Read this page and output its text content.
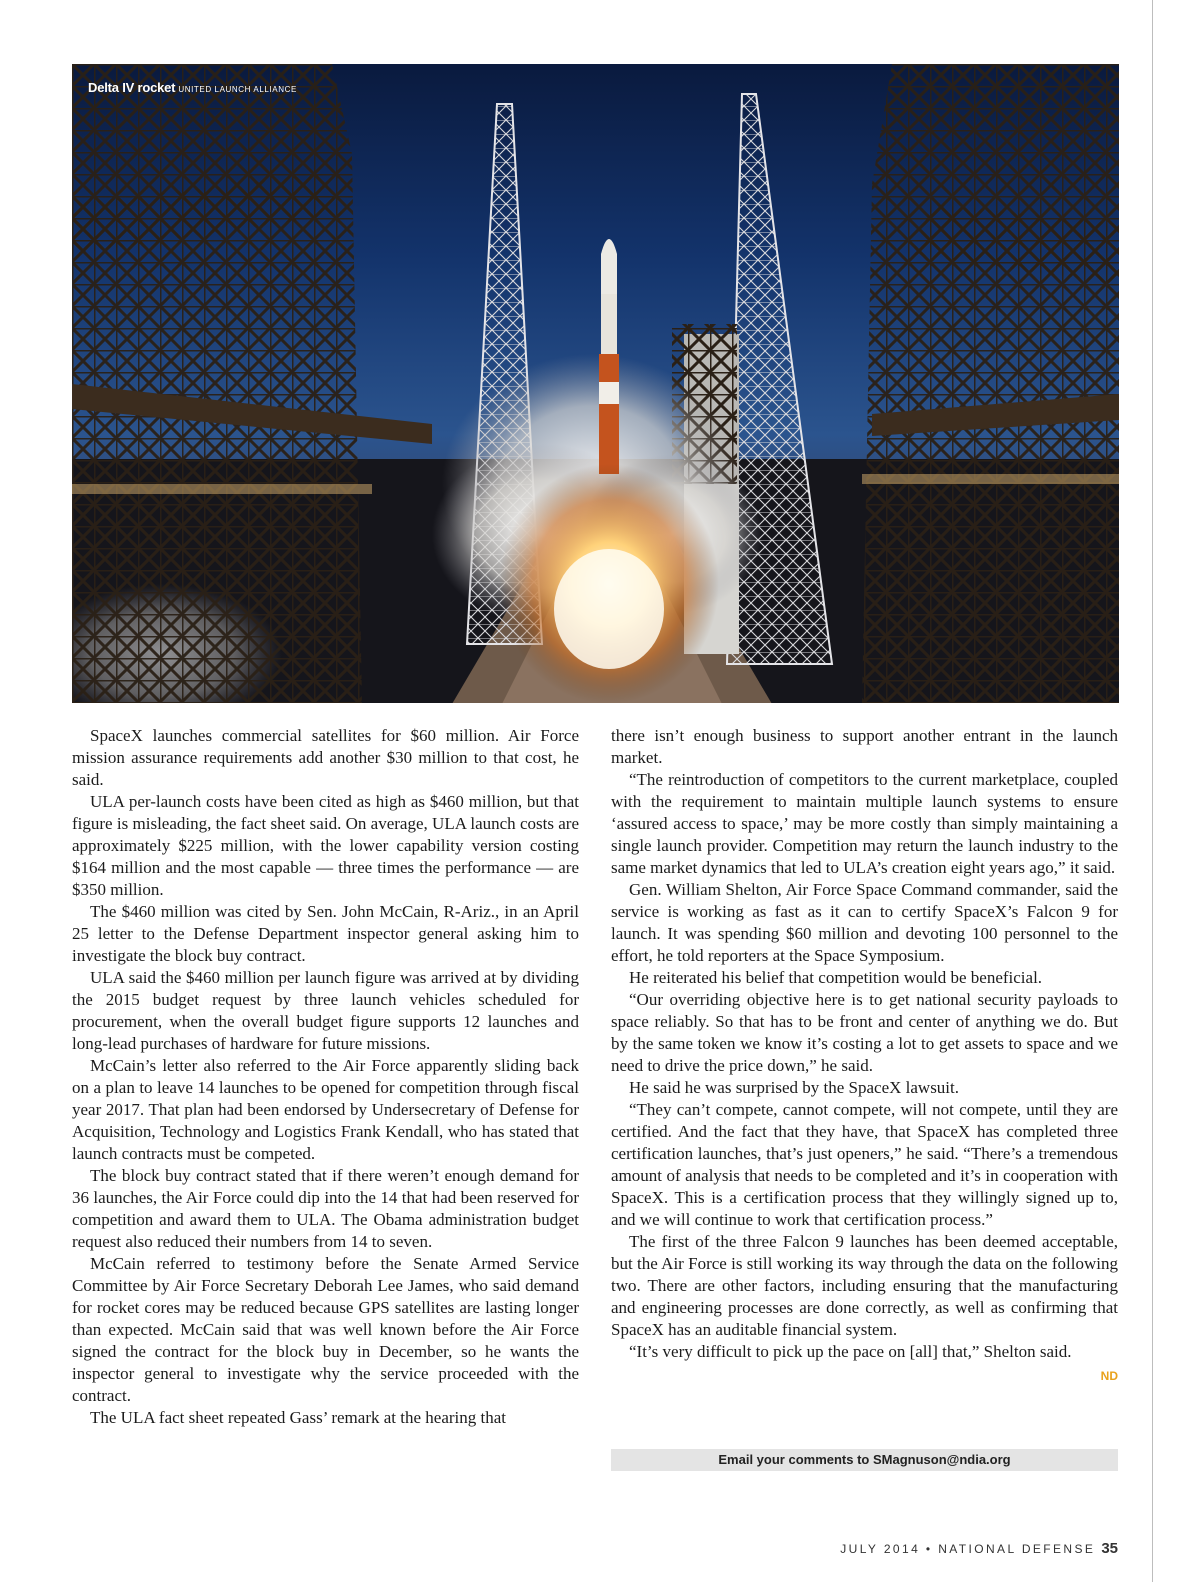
Delta IV rocket UNITED LAUNCH ALLIANCE

SpaceX launches commercial satellites for $60 million. Air Force mission assurance requirements add another $30 million to that cost, he said.

ULA per-launch costs have been cited as high as $460 million, but that figure is misleading, the fact sheet said. On average, ULA launch costs are approximately $225 million, with the lower capability version costing $164 million and the most capable — three times the performance — are $350 million.

The $460 million was cited by Sen. John McCain, R-Ariz., in an April 25 letter to the Defense Department inspector general asking him to investigate the block buy contract.

ULA said the $460 million per launch figure was arrived at by dividing the 2015 budget request by three launch vehicles scheduled for procurement, when the overall budget figure supports 12 launches and long-lead purchases of hardware for future missions.

McCain’s letter also referred to the Air Force apparently sliding back on a plan to leave 14 launches to be opened for competition through fiscal year 2017. That plan had been endorsed by Undersecretary of Defense for Acquisition, Technology and Logistics Frank Kendall, who has stated that launch contracts must be competed.

The block buy contract stated that if there weren’t enough demand for 36 launches, the Air Force could dip into the 14 that had been reserved for competition and award them to ULA. The Obama administration budget request also reduced their numbers from 14 to seven.

McCain referred to testimony before the Senate Armed Service Committee by Air Force Secretary Deborah Lee James, who said demand for rocket cores may be reduced because GPS satellites are lasting longer than expected. McCain said that was well known before the Air Force signed the contract for the block buy in December, so he wants the inspector general to investigate why the service proceeded with the contract.

The ULA fact sheet repeated Gass’ remark at the hearing that

there isn’t enough business to support another entrant in the launch market.

“The reintroduction of competitors to the current marketplace, coupled with the requirement to maintain multiple launch systems to ensure ‘assured access to space,’ may be more costly than simply maintaining a single launch provider. Competition may return the launch industry to the same market dynamics that led to ULA’s creation eight years ago,” it said.

Gen. William Shelton, Air Force Space Command commander, said the service is working as fast as it can to certify SpaceX’s Falcon 9 for launch. It was spending $60 million and devoting 100 personnel to the effort, he told reporters at the Space Symposium.

He reiterated his belief that competition would be beneficial.

“Our overriding objective here is to get national security payloads to space reliably. So that has to be front and center of anything we do. But by the same token we know it’s costing a lot to get assets to space and we need to drive the price down,” he said.

He said he was surprised by the SpaceX lawsuit.

“They can’t compete, cannot compete, will not compete, until they are certified. And the fact that they have, that SpaceX has completed three certification launches, that’s just openers,” he said. “There’s a tremendous amount of analysis that needs to be completed and it’s in cooperation with SpaceX. This is a certification process that they willingly signed up to, and we will continue to work that certification process.”

The first of the three Falcon 9 launches has been deemed acceptable, but the Air Force is still working its way through the data on the following two. There are other factors, including ensuring that the manufacturing and engineering processes are done correctly, as well as confirming that SpaceX has an auditable financial system.

“It’s very difficult to pick up the pace on [all] that,” Shelton said.

ND

Email your comments to SMagnuson@ndia.org
JULY 2014 • NATIONAL DEFENSE 35
